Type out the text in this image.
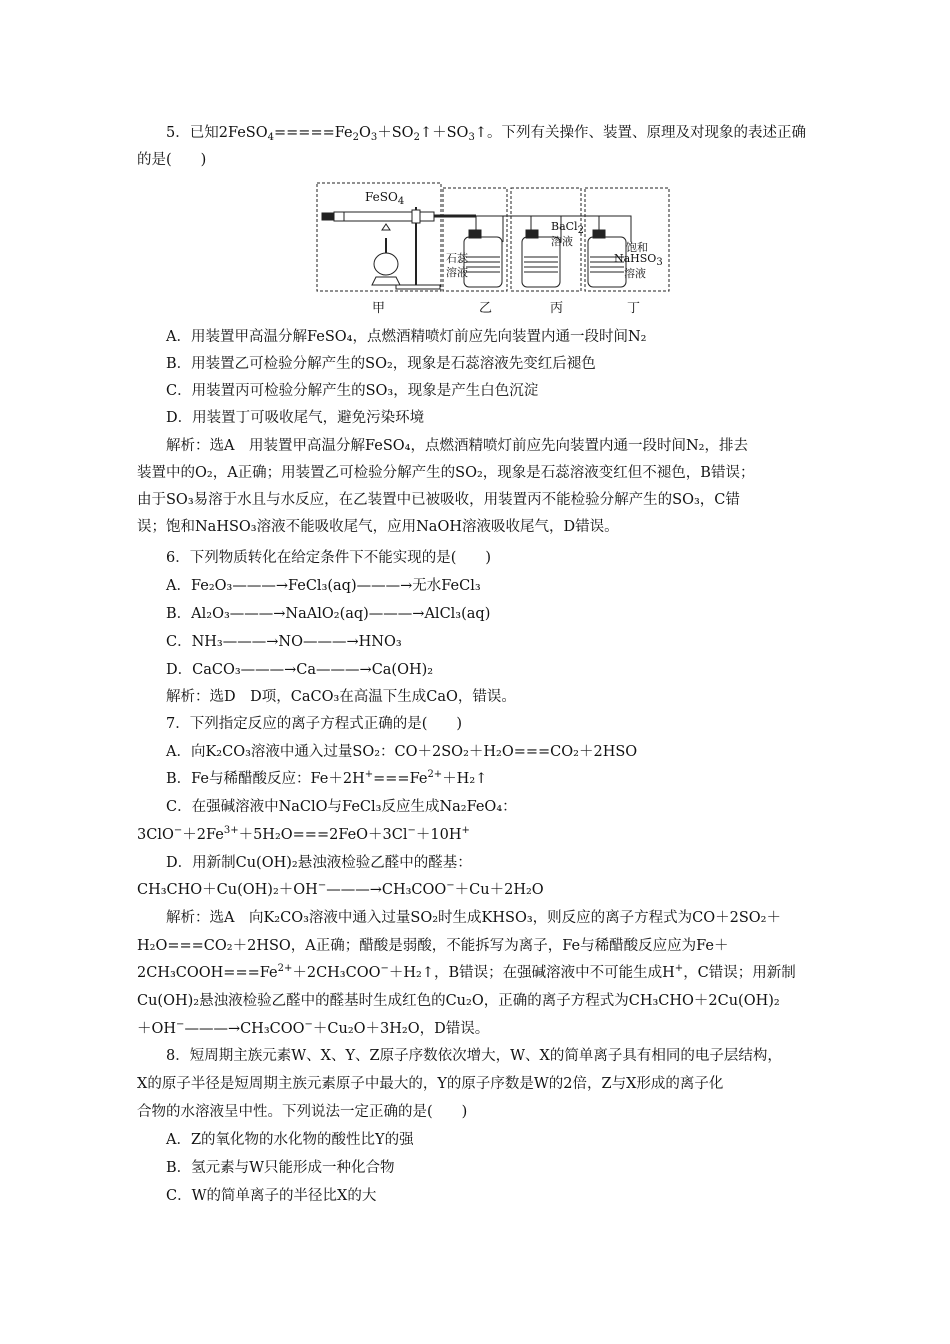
5．已知$2FeSO_4=====Fe_2O_3+SO_2↑+SO_3↑$。下列有关操作、装置、原理及对现象的表述正确
的是(　　)
FeSO$_4$
石蕊
溶液
BaCl$_2$
溶液	饱和
NaHSO$_3$
溶液
甲	乙	丙	丁
A．用装置甲高温分解FeSO₄，点燃酒精喷灯前应先向装置内通一段时间N₂
B．用装置乙可检验分解产生的SO₂，现象是石蕊溶液先变红后褪色
C．用装置丙可检验分解产生的SO₃，现象是产生白色沉淀
D．用装置丁可吸收尾气，避免污染环境
解析：选A　用装置甲高温分解FeSO₄，点燃酒精喷灯前应先向装置内通一段时间N₂，排去
装置中的O₂，A正确；用装置乙可检验分解产生的SO₂，现象是石蕊溶液变红但不褪色，B错误；
由于SO₃易溶于水且与水反应，在乙装置中已被吸收，用装置丙不能检验分解产生的SO₃，C错
误；饱和NaHSO₃溶液不能吸收尾气，应用NaOH溶液吸收尾气，D错误。
6．下列物质转化在给定条件下不能实现的是(　　)
A．Fe₂O₃———→FeCl₃(aq)———→无水FeCl₃
B．Al₂O₃———→NaAlO₂(aq)———→AlCl₃(aq)
C．NH₃———→NO———→HNO₃
D．CaCO₃———→Ca———→Ca(OH)₂
解析：选D　D项，CaCO₃在高温下生成CaO，错误。
7．下列指定反应的离子方程式正确的是(　　)
A．向K₂CO₃溶液中通入过量SO₂：CO＋2SO₂＋H₂O===CO₂＋2HSO
B．Fe与稀醋酸反应：$Fe+2H^+===Fe^{2+}+H_2↑$
C．在强碱溶液中NaClO与FeCl₃反应生成Na₂FeO₄：
$3ClO^-+2Fe^{3+}+5H_2O===2FeO+3Cl^-+10H^+$
D．用新制Cu(OH)₂悬浊液检验乙醛中的醛基：
CH₃CHO＋Cu(OH)₂＋OH−———→CH₃COO−＋Cu＋2H₂O
解析：选A　向K₂CO₃溶液中通入过量SO₂时生成KHSO₃，则反应的离子方程式为CO＋2SO₂＋
H₂O===CO₂＋2HSO，A正确；醋酸是弱酸，不能拆写为离子，Fe与稀醋酸反应应为Fe＋
$2CH_3COOH===Fe^{2+}+2CH_3COO^-+H_2↑$，B错误；在强碱溶液中不可能生成H+，C错误；用新制
Cu(OH)₂悬浊液检验乙醛中的醛基时生成红色的Cu₂O，正确的离子方程式为CH₃CHO＋2Cu(OH)₂
＋OH−———→CH₃COO−＋Cu₂O＋3H₂O，D错误。
8．短周期主族元素W、X、Y、Z原子序数依次增大，W、X的简单离子具有相同的电子层结构，
X的原子半径是短周期主族元素原子中最大的，Y的原子序数是W的2倍，Z与X形成的离子化
合物的水溶液呈中性。下列说法一定正确的是(　　)
A．Z的氧化物的水化物的酸性比Y的强
B．氢元素与W只能形成一种化合物
C．W的简单离子的半径比X的大
